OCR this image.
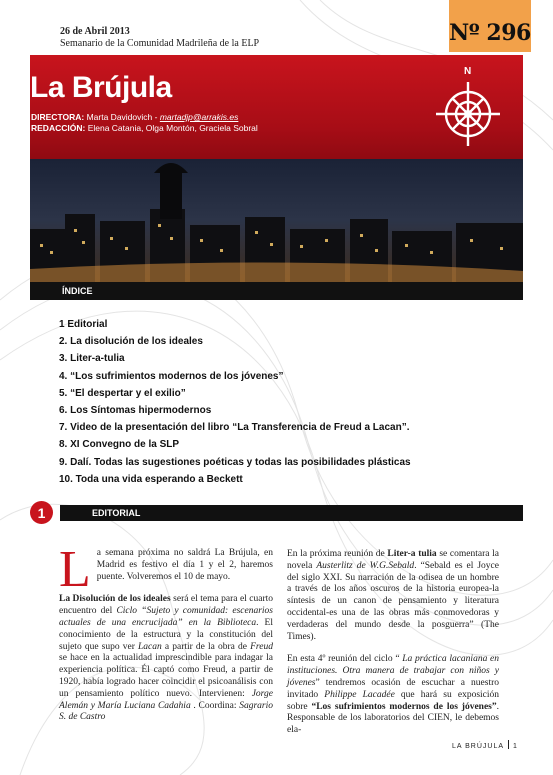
26 de Abril 2013
Semanario de la Comunidad Madrileña de la ELP	Nº 296
La Brújula
DIRECTORA: Marta Davidovich - martadjp@arrakis.es
REDACCIÓN: Elena Catania, Olga Montón, Graciela Sobral
N
ÍNDICE
1 Editorial
2. La disolución de los ideales
3. Liter-a-tulia
4. “Los sufrimientos modernos de los jóvenes”
5. “El despertar y el exilio”
6. Los Síntomas hipermodernos
7. Video de la presentación del libro “La Transferencia de Freud a Lacan”.
8. XI Convegno de la SLP
9. Dalí. Todas las sugestiones poéticas y todas las posibilidades plásticas
10. Toda una vida esperando a Beckett
1	EDITORIAL

L a semana próxima no saldrá La Brújula, en Madrid es festivo el día 1 y el 2, haremos puente. Volveremos el 10 de mayo.

La Disolución de los ideales será el tema para el cuarto encuentro del Ciclo “Sujeto y comunidad: escenarios actuales de una encrucijada” en la Biblioteca. El conocimiento de la estructura y la constitución del sujeto que supo ver Lacan a partir de la obra de Freud se hace en la actualidad imprescindible para indagar la experiencia política. Él captó como Freud, a partir de 1920, había logrado hacer coincidir el psicoanálisis con un pensamiento político nuevo. Intervienen: Jorge Alemán y María Luciana Cadahia . Coordina: Sagrario S. de Castro

En la próxima reunión de Liter-a tulia se comentara la novela Austerlitz de W.G.Sebald. “Sebald es el Joyce del siglo XXI. Su narración de la odisea de un hombre a través de los años oscuros de la historia europea-la síntesis de un canon de pensamiento y literatura occidental-es una de las obras más conmovedoras y verdaderas del mundo desde la posguerra” (The Times).

En esta 4º reunión del ciclo “ La práctica lacaniana en instituciones. Otra manera de trabajar con niños y jóvenes” tendremos ocasión de escuchar a nuestro invitado Philippe Lacadée que hará su exposición sobre “Los sufrimientos modernos de los jóvenes”. Responsable de los laboratorios del CIEN, le debemos ela-

LA BRÚJULA 1
